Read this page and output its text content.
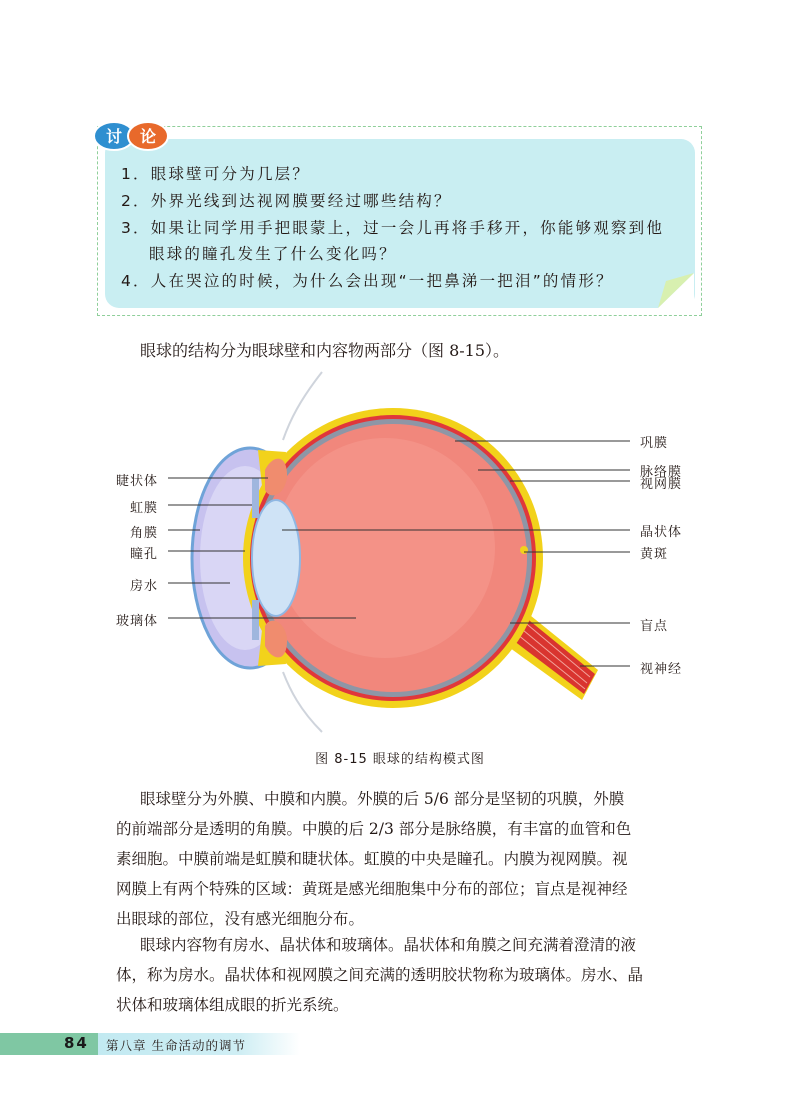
讨 论
1．眼球壁可分为几层？
2．外界光线到达视网膜要经过哪些结构？
3．如果让同学用手把眼蒙上，过一会儿再将手移开，你能够观察到他
眼球的瞳孔发生了什么变化吗？
4．人在哭泣的时候，为什么会出现“一把鼻涕一把泪”的情形？
眼球的结构分为眼球壁和内容物两部分（图 8-15）。
巩膜
脉络膜
视网膜
晶状体
黄斑
盲点
视神经
睫状体
虹膜
角膜
瞳孔
房水
玻璃体
图 8-15 眼球的结构模式图
眼球壁分为外膜、中膜和内膜。外膜的后 5/6 部分是坚韧的巩膜，外膜
的前端部分是透明的角膜。中膜的后 2/3 部分是脉络膜，有丰富的血管和色
素细胞。中膜前端是虹膜和睫状体。虹膜的中央是瞳孔。内膜为视网膜。视
网膜上有两个特殊的区域：黄斑是感光细胞集中分布的部位；盲点是视神经
出眼球的部位，没有感光细胞分布。
眼球内容物有房水、晶状体和玻璃体。晶状体和角膜之间充满着澄清的液
体，称为房水。晶状体和视网膜之间充满的透明胶状物称为玻璃体。房水、晶
状体和玻璃体组成眼的折光系统。
84 第八章 生命活动的调节
